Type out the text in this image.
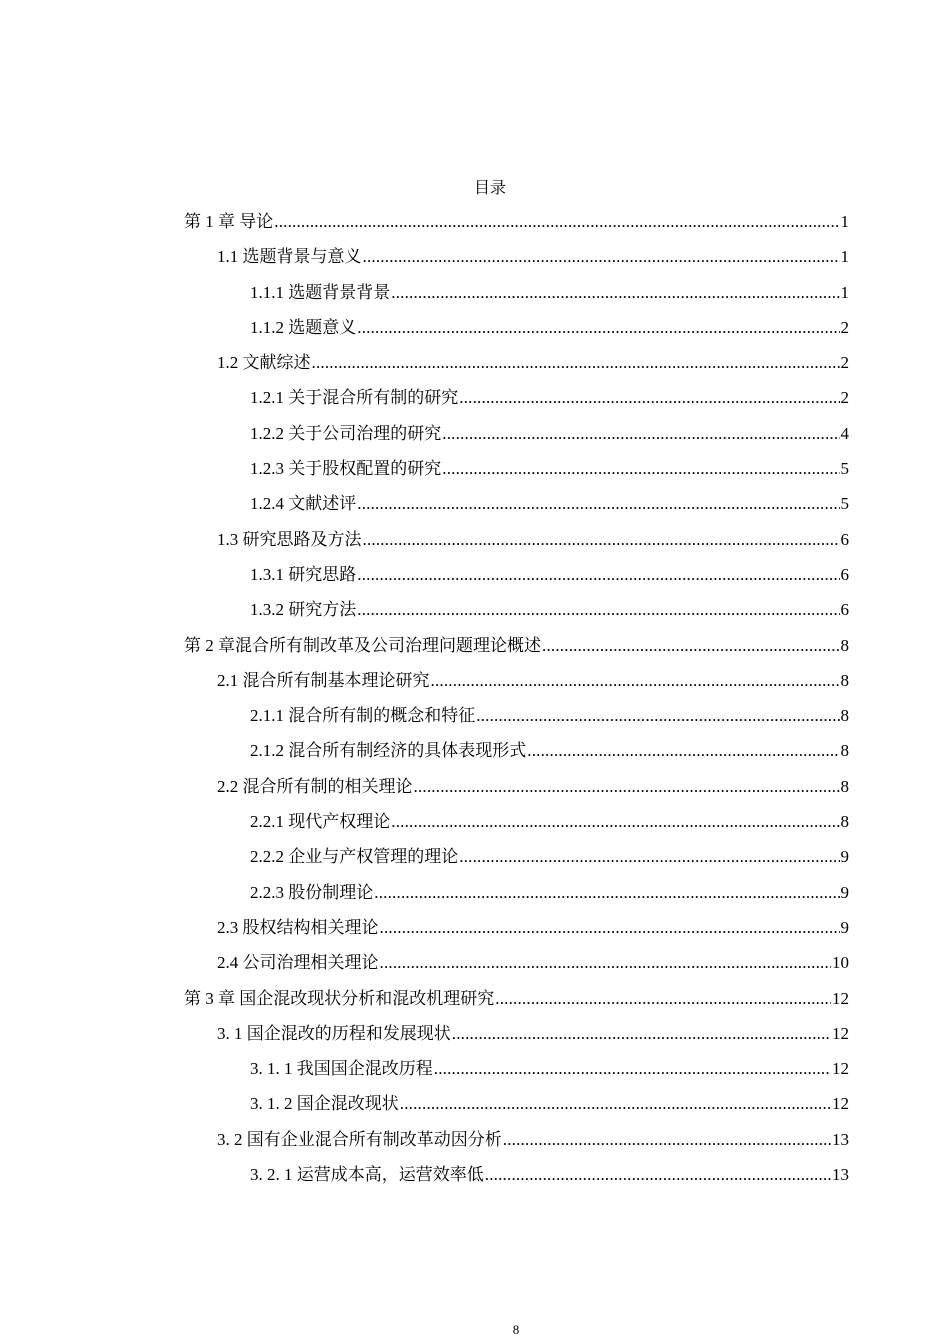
目录
第 1 章 导论 .....	1
1.1 选题背景与意义 .....	1
1.1.1 选题背景背景 .....	1
1.1.2 选题意义 .....	2
1.2 文献综述 .....	2
1.2.1 关于混合所有制的研究 .....	2
1.2.2 关于公司治理的研究 .....	4
1.2.3 关于股权配置的研究 .....	5
1.2.4 文献述评 .....	5
1.3 研究思路及方法 .....	6
1.3.1 研究思路 .....	6
1.3.2 研究方法 .....	6
第 2 章混合所有制改革及公司治理问题理论概述 .....	8
2.1 混合所有制基本理论研究 .....	8
2.1.1 混合所有制的概念和特征 .....	8
2.1.2 混合所有制经济的具体表现形式 .....	8
2.2 混合所有制的相关理论 .....	8
2.2.1 现代产权理论 .....	8
2.2.2 企业与产权管理的理论 .....	9
2.2.3 股份制理论 .....	9
2.3 股权结构相关理论 .....	9
2.4 公司治理相关理论 .....	10
第 3 章 国企混改现状分析和混改机理研究 .....	12
3. 1 国企混改的历程和发展现状 .....	12
3. 1. 1 我国国企混改历程 .....	12
3. 1. 2 国企混改现状 .....	12
3. 2 国有企业混合所有制改革动因分析 .....	13
3. 2. 1 运营成本高，运营效率低 .....	13
8
